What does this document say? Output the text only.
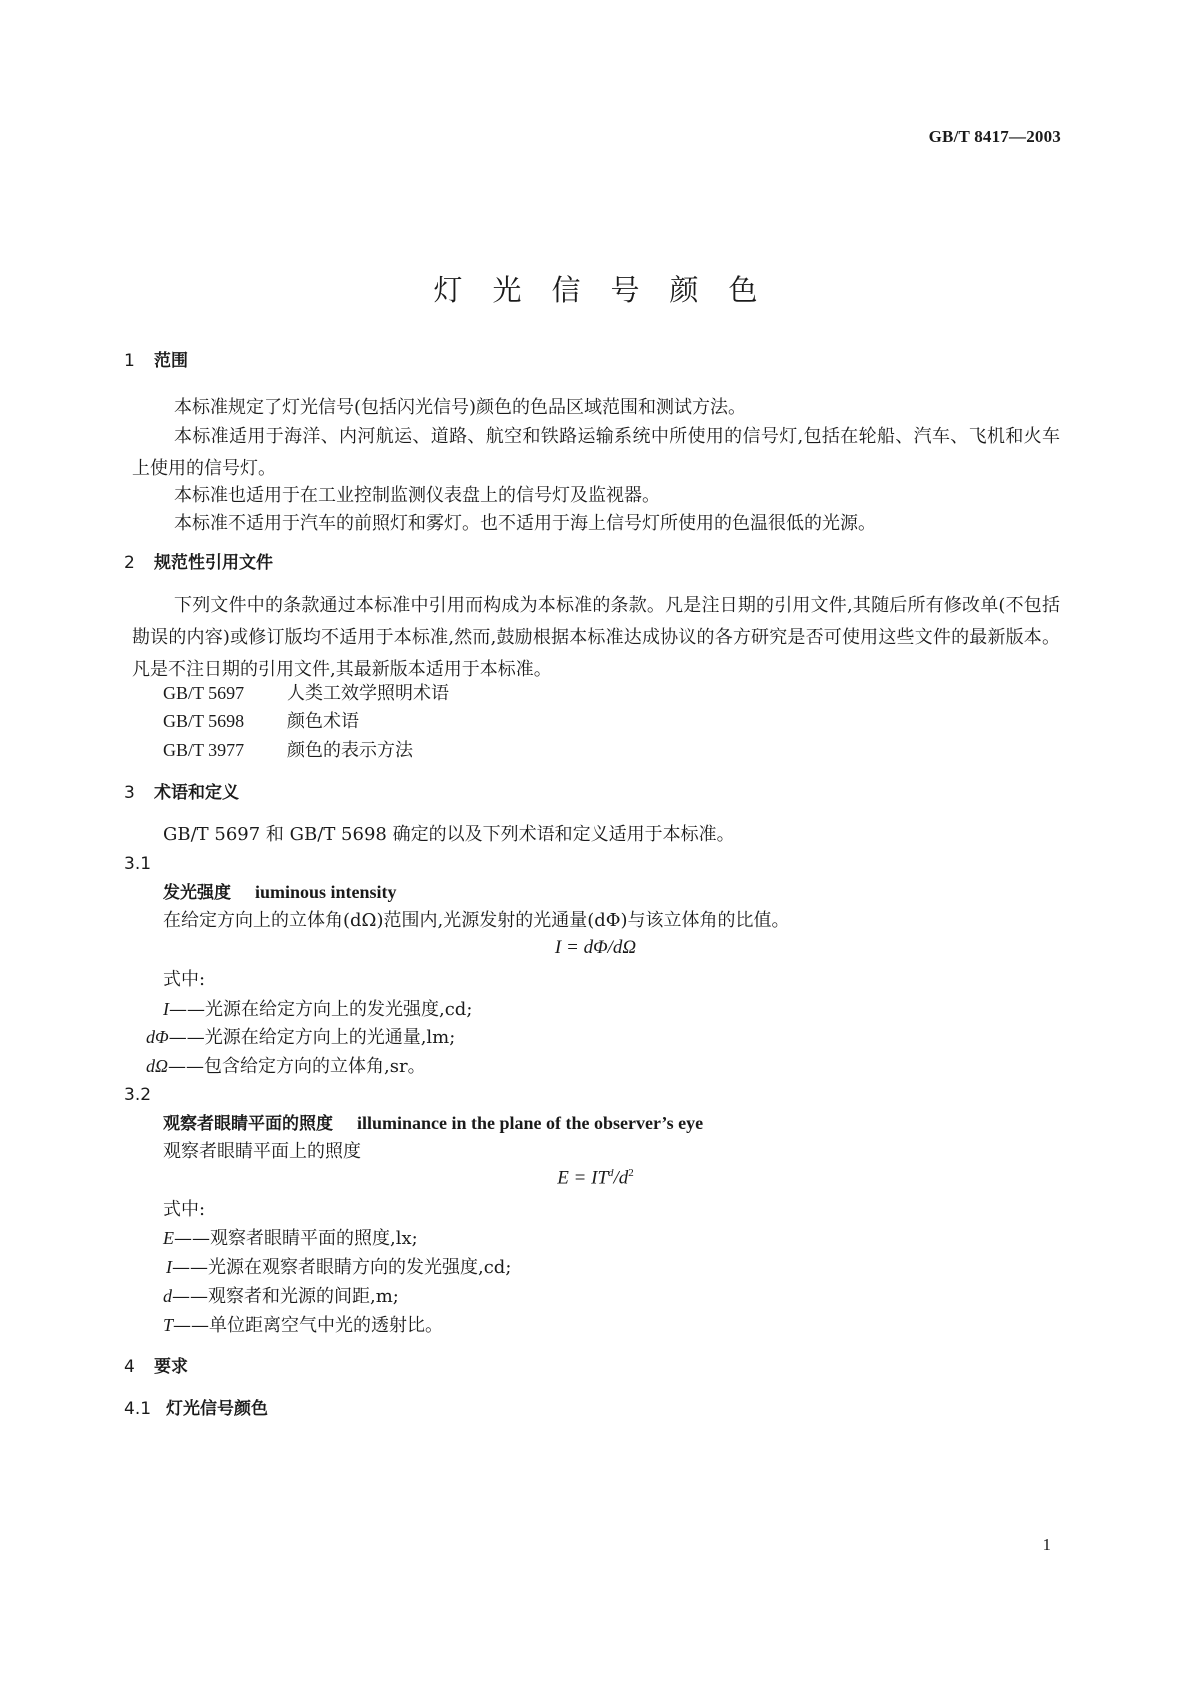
GB/T 8417—2003
灯光信号颜色
1 范围
本标准规定了灯光信号(包括闪光信号)颜色的色品区域范围和测试方法。
本标准适用于海洋、内河航运、道路、航空和铁路运输系统中所使用的信号灯,包括在轮船、汽车、飞机和火车上使用的信号灯。
本标准也适用于在工业控制监测仪表盘上的信号灯及监视器。
本标准不适用于汽车的前照灯和雾灯。也不适用于海上信号灯所使用的色温很低的光源。
2 规范性引用文件
下列文件中的条款通过本标准中引用而构成为本标准的条款。凡是注日期的引用文件,其随后所有修改单(不包括勘误的内容)或修订版均不适用于本标准,然而,鼓励根据本标准达成协议的各方研究是否可使用这些文件的最新版本。凡是不注日期的引用文件,其最新版本适用于本标准。
GB/T 5697 人类工效学照明术语
GB/T 5698 颜色术语
GB/T 3977 颜色的表示方法
3 术语和定义
GB/T 5697 和 GB/T 5698 确定的以及下列术语和定义适用于本标准。
3.1
发光强度 iuminous intensity
在给定方向上的立体角(dΩ)范围内,光源发射的光通量(dΦ)与该立体角的比值。
I = dΦ/dΩ
式中:
I——光源在给定方向上的发光强度,cd;
dΦ——光源在给定方向上的光通量,lm;
dΩ——包含给定方向的立体角,sr。
3.2
观察者眼睛平面的照度 illuminance in the plane of the observer’s eye
观察者眼睛平面上的照度
$E = IT^d/d^2$
式中:
E——观察者眼睛平面的照度,lx;
I——光源在观察者眼睛方向的发光强度,cd;
d——观察者和光源的间距,m;
T——单位距离空气中光的透射比。
4 要求
4.1 灯光信号颜色
1
